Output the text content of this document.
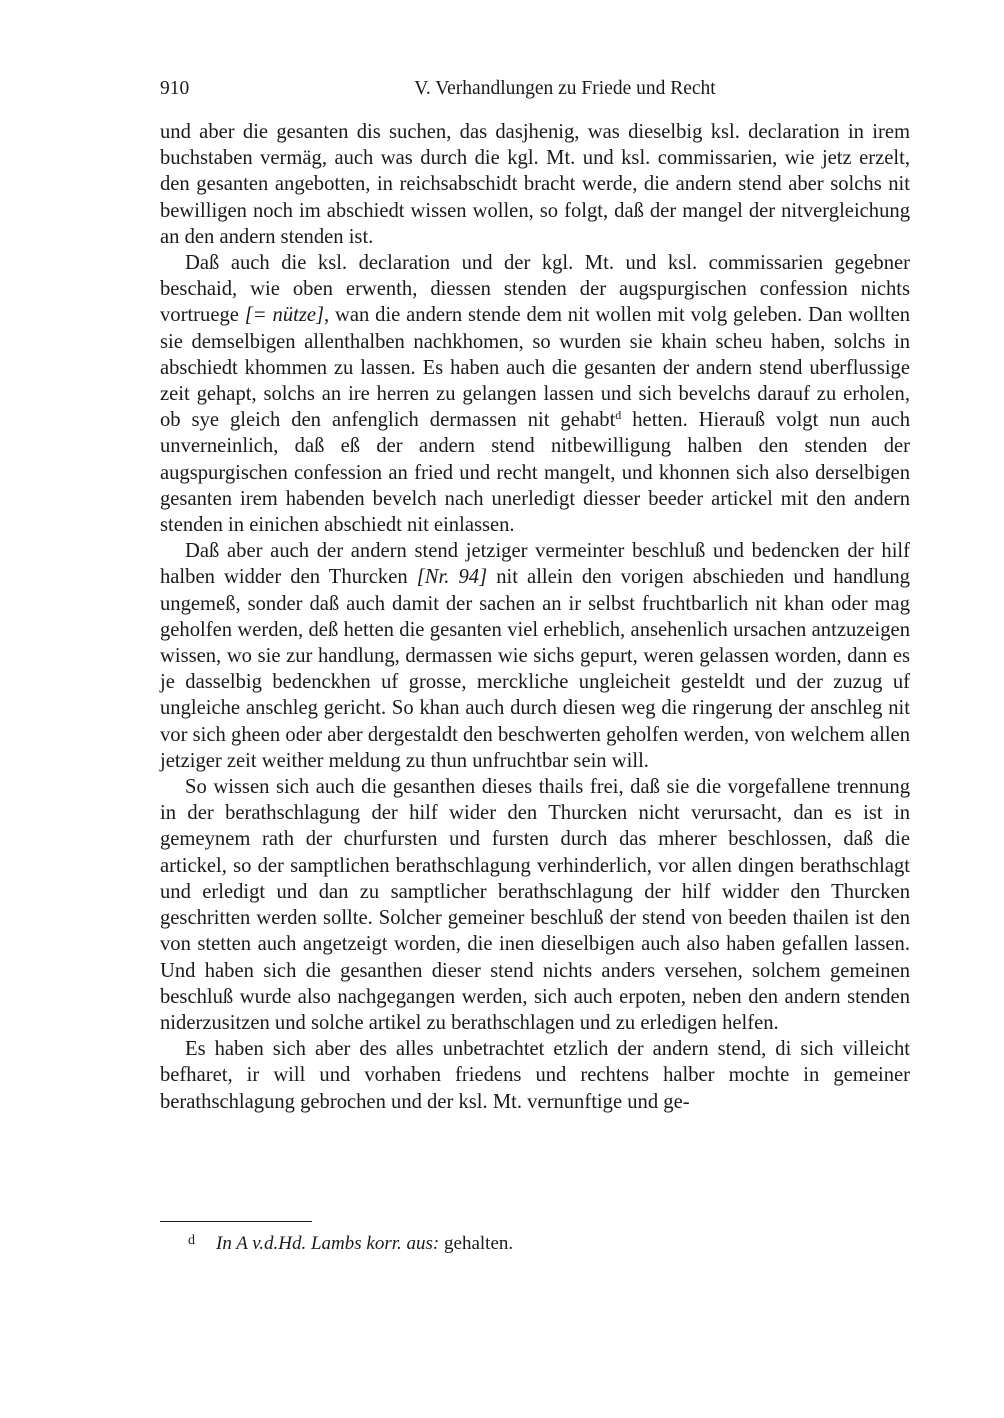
910	V. Verhandlungen zu Friede und Recht

und aber die gesanten dis suchen, das dasjhenig, was dieselbig ksl. declaration in irem buchstaben vermäg, auch was durch die kgl. Mt. und ksl. commissarien, wie jetz erzelt, den gesanten angebotten, in reichsabschidt bracht werde, die andern stend aber solchs nit bewilligen noch im abschiedt wissen wollen, so folgt, daß der mangel der nitvergleichung an den andern stenden ist.

Daß auch die ksl. declaration und der kgl. Mt. und ksl. commissarien gegebner beschaid, wie oben erwenth, diessen stenden der augspurgischen confession nichts vortruege [= nütze], wan die andern stende dem nit wollen mit volg geleben. Dan wollten sie demselbigen allenthalben nachkhomen, so wurden sie khain scheu haben, solchs in abschiedt khommen zu lassen. Es haben auch die gesanten der andern stend uberflussige zeit gehapt, solchs an ire herren zu gelangen lassen und sich bevelchs darauf zu erholen, ob sye gleich den anfenglich dermassen nit gehabt$^d$ hetten. Hierauß volgt nun auch unverneinlich, daß eß der andern stend nitbewilligung halben den stenden der augspurgischen confession an fried und recht mangelt, und khonnen sich also derselbigen gesanten irem habenden bevelch nach unerledigt diesser beeder artickel mit den andern stenden in einichen abschiedt nit einlassen.

Daß aber auch der andern stend jetziger vermeinter beschluß und bedencken der hilf halben widder den Thurcken [Nr. 94] nit allein den vorigen abschieden und handlung ungemeß, sonder daß auch damit der sachen an ir selbst fruchtbarlich nit khan oder mag geholfen werden, deß hetten die gesanten viel erheblich, ansehenlich ursachen antzuzeigen wissen, wo sie zur handlung, dermassen wie sichs gepurt, weren gelassen worden, dann es je dasselbig bedenckhen uf grosse, merckliche ungleicheit gesteldt und der zuzug uf ungleiche anschleg gericht. So khan auch durch diesen weg die ringerung der anschleg nit vor sich gheen oder aber dergestaldt den beschwerten geholfen werden, von welchem allen jetziger zeit weither meldung zu thun unfruchtbar sein will.

So wissen sich auch die gesanthen dieses thails frei, daß sie die vorgefallene trennung in der berathschlagung der hilf wider den Thurcken nicht verursacht, dan es ist in gemeynem rath der churfursten und fursten durch das mherer beschlossen, daß die artickel, so der samptlichen berathschlagung verhinderlich, vor allen dingen berathschlagt und erledigt und dan zu samptlicher berathschlagung der hilf widder den Thurcken geschritten werden sollte. Solcher gemeiner beschluß der stend von beeden thailen ist den von stetten auch angetzeigt worden, die inen dieselbigen auch also haben gefallen lassen. Und haben sich die gesanthen dieser stend nichts anders versehen, solchem gemeinen beschluß wurde also nachgegangen werden, sich auch erpoten, neben den andern stenden niderzusitzen und solche artikel zu berathschlagen und zu erledigen helfen.

Es haben sich aber des alles unbetrachtet etzlich der andern stend, di sich villeicht befharet, ir will und vorhaben friedens und rechtens halber mochte in gemeiner berathschlagung gebrochen und der ksl. Mt. vernunftige und ge-

d In A v.d.Hd. Lambs korr. aus: gehalten.
